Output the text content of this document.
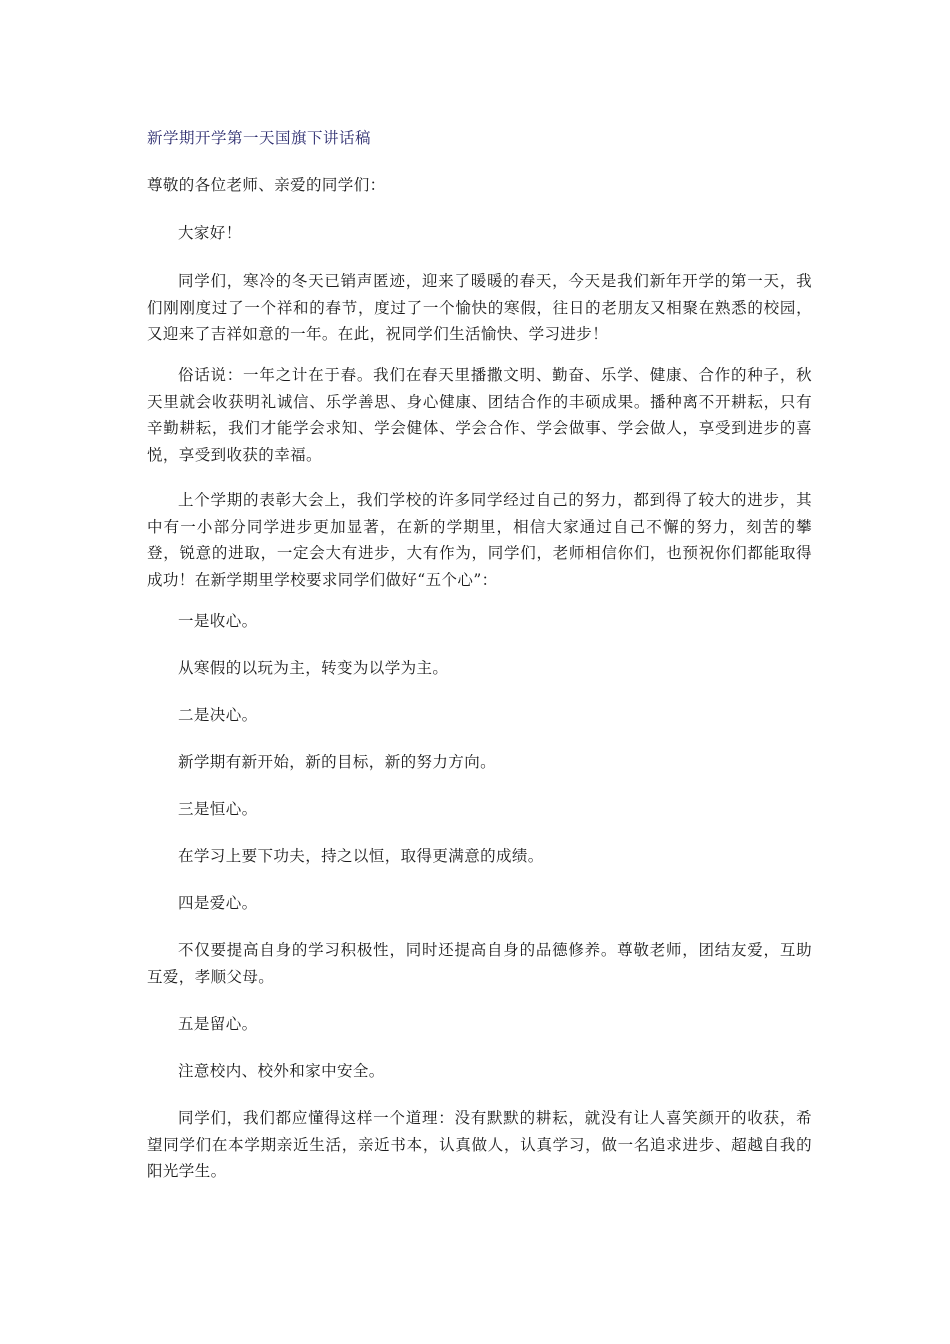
新学期开学第一天国旗下讲话稿

尊敬的各位老师、亲爱的同学们：

大家好！

同学们，寒冷的冬天已销声匿迹，迎来了暖暖的春天，今天是我们新年开学的第一天，我们刚刚度过了一个祥和的春节，度过了一个愉快的寒假，往日的老朋友又相聚在熟悉的校园，又迎来了吉祥如意的一年。在此，祝同学们生活愉快、学习进步！

俗话说：一年之计在于春。我们在春天里播撒文明、勤奋、乐学、健康、合作的种子，秋天里就会收获明礼诚信、乐学善思、身心健康、团结合作的丰硕成果。播种离不开耕耘，只有辛勤耕耘，我们才能学会求知、学会健体、学会合作、学会做事、学会做人，享受到进步的喜悦，享受到收获的幸福。

上个学期的表彰大会上，我们学校的许多同学经过自己的努力，都到得了较大的进步，其中有一小部分同学进步更加显著，在新的学期里，相信大家通过自己不懈的努力，刻苦的攀登，锐意的进取，一定会大有进步，大有作为，同学们，老师相信你们，也预祝你们都能取得成功！在新学期里学校要求同学们做好“五个心”：

一是收心。

从寒假的以玩为主，转变为以学为主。

二是决心。

新学期有新开始，新的目标，新的努力方向。

三是恒心。

在学习上要下功夫，持之以恒，取得更满意的成绩。

四是爱心。

不仅要提高自身的学习积极性，同时还提高自身的品德修养。尊敬老师，团结友爱，互助互爱，孝顺父母。

五是留心。

注意校内、校外和家中安全。

同学们，我们都应懂得这样一个道理：没有默默的耕耘，就没有让人喜笑颜开的收获，希望同学们在本学期亲近生活，亲近书本，认真做人，认真学习，做一名追求进步、超越自我的阳光学生。
